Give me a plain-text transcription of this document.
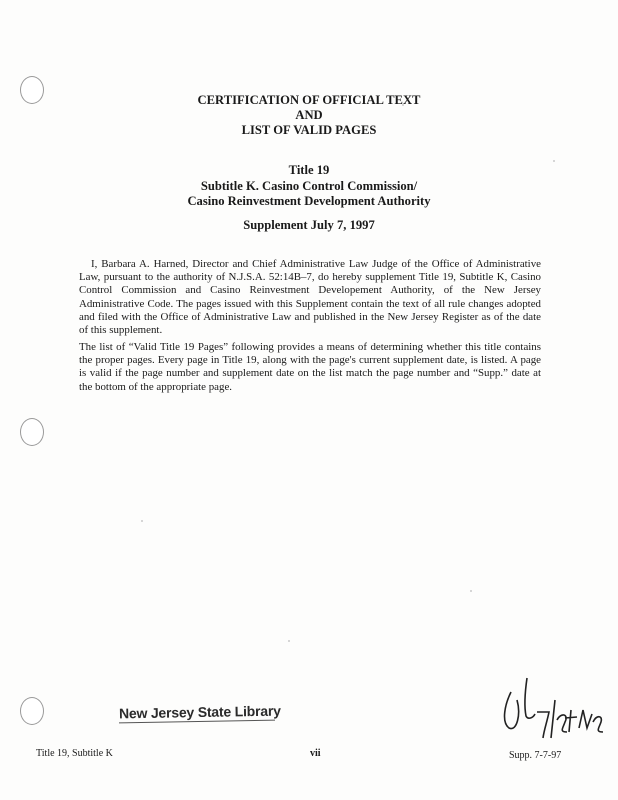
CERTIFICATION OF OFFICIAL TEXT
AND
LIST OF VALID PAGES
Title 19
Subtitle K. Casino Control Commission/
Casino Reinvestment Development Authority
Supplement July 7, 1997
I, Barbara A. Harned, Director and Chief Administrative Law Judge of the Office of Administrative Law, pursuant to the authority of N.J.S.A. 52:14B–7, do hereby supplement Title 19, Subtitle K, Casino Control Commission and Casino Reinvestment Developement Authority, of the New Jersey Administrative Code. The pages issued with this Supplement contain the text of all rule changes adopted and filed with the Office of Administrative Law and published in the New Jersey Register as of the date of this supplement.
The list of “Valid Title 19 Pages” following provides a means of determining whether this title contains the proper pages. Every page in Title 19, along with the page's current supplement date, is listed. A page is valid if the page number and supplement date on the list match the page number and “Supp.” date at the bottom of the appropriate page.
New Jersey State Library
Title 19, Subtitle K	vii	Supp. 7-7-97
